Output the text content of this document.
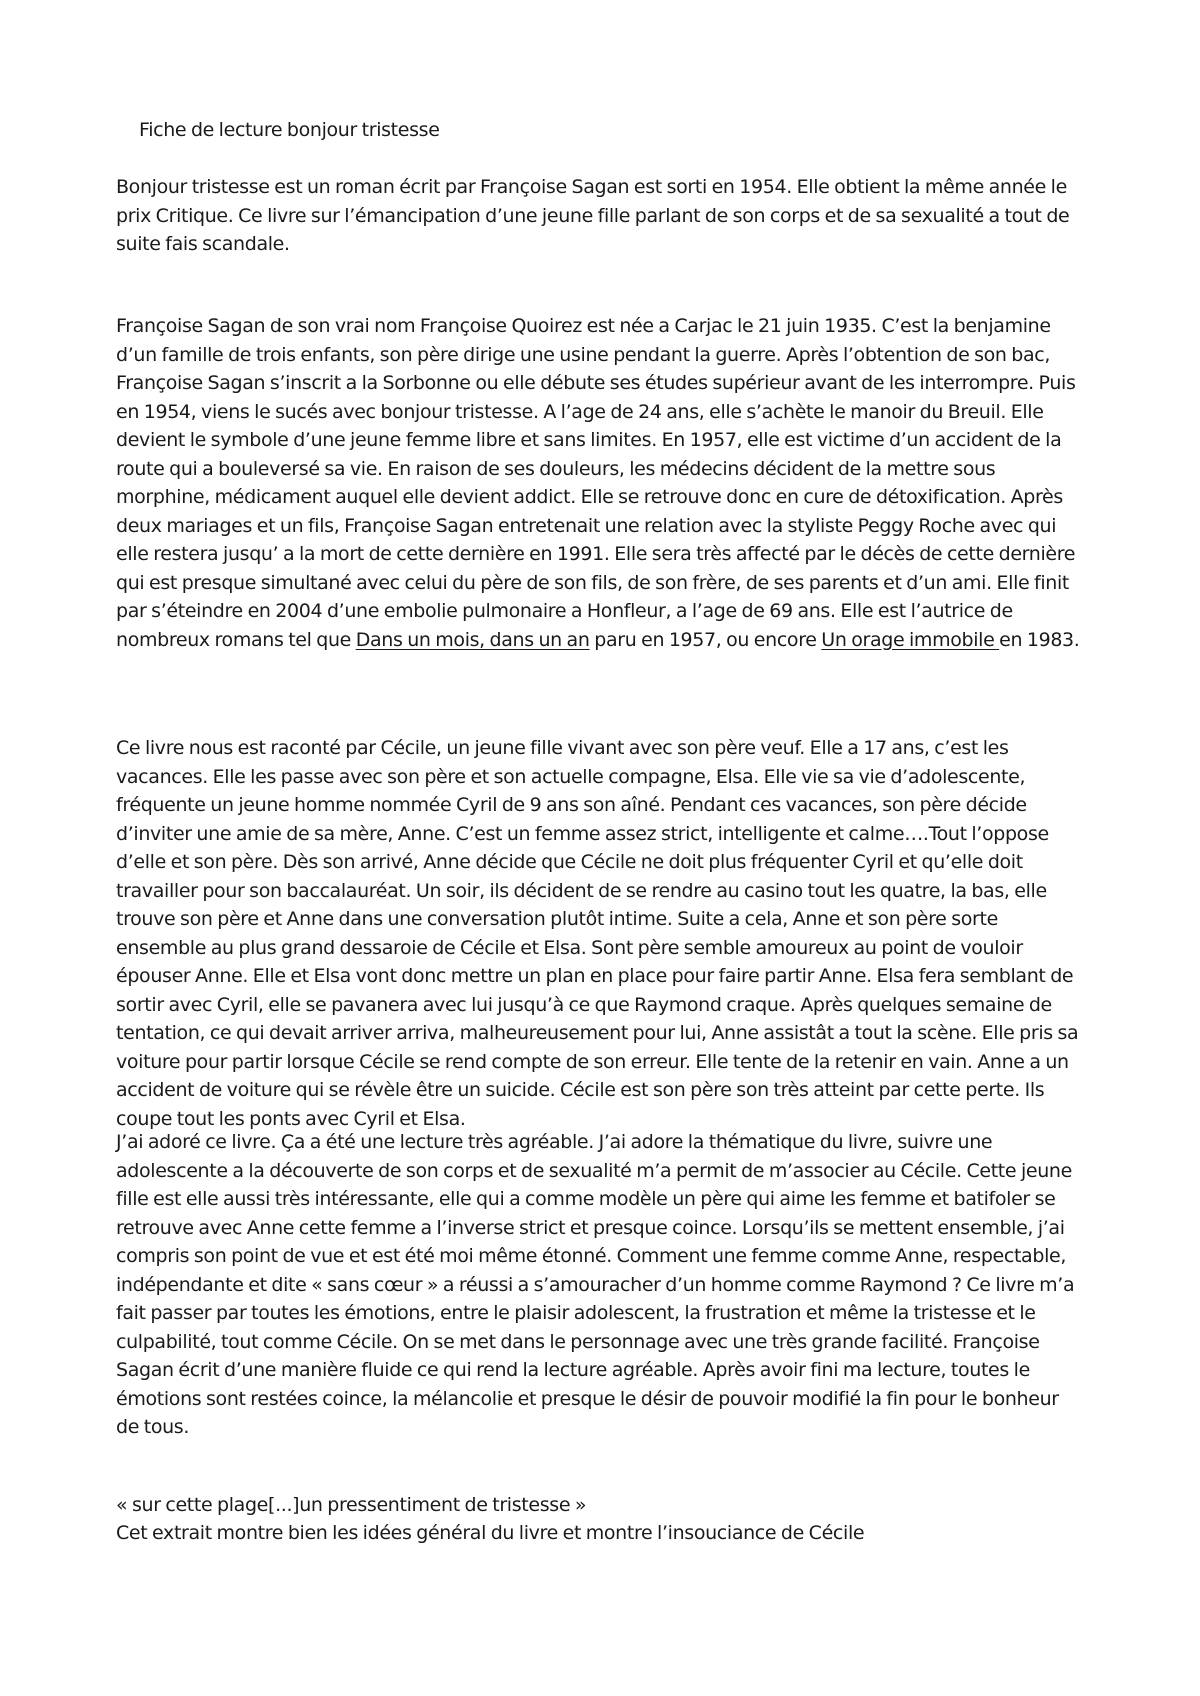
Fiche de lecture bonjour tristesse

Bonjour tristesse est un roman écrit par Françoise Sagan est sorti en 1954. Elle obtient la même année le prix Critique. Ce livre sur l’émancipation d’une jeune fille parlant de son corps et de sa sexualité a tout de suite fais scandale.

Françoise Sagan de son vrai nom Françoise Quoirez est née a Carjac le 21 juin 1935. C’est la benjamine d’un famille de trois enfants, son père dirige une usine pendant la guerre. Après l’obtention de son bac, Françoise Sagan s’inscrit a la Sorbonne ou elle débute ses études supérieur avant de les interrompre. Puis en 1954, viens le sucés avec bonjour tristesse. A l’age de 24 ans, elle s’achète le manoir du Breuil. Elle devient le symbole d’une jeune femme libre et sans limites. En 1957, elle est victime d’un accident de la route qui a bouleversé sa vie. En raison de ses douleurs, les médecins décident de la mettre sous morphine, médicament auquel elle devient addict. Elle se retrouve donc en cure de détoxification. Après deux mariages et un fils, Françoise Sagan entretenait une relation avec la styliste Peggy Roche avec qui elle restera jusqu’ a la mort de cette dernière en 1991. Elle sera très affecté par le décès de cette dernière qui est presque simultané avec celui du père de son fils, de son frère, de ses parents et d’un ami. Elle finit par s’éteindre en 2004 d’une embolie pulmonaire a Honfleur, a l’age de 69 ans. Elle est l’autrice de nombreux romans tel que Dans un mois, dans un an paru en 1957, ou encore Un orage immobile en 1983.

Ce livre nous est raconté par Cécile, un jeune fille vivant avec son père veuf. Elle a 17 ans, c’est les vacances. Elle les passe avec son père et son actuelle compagne, Elsa. Elle vie sa vie d’adolescente, fréquente un jeune homme nommée Cyril de 9 ans son aîné. Pendant ces vacances, son père décide d’inviter une amie de sa mère, Anne. C’est un femme assez strict, intelligente et calme….Tout l’oppose d’elle et son père. Dès son arrivé, Anne décide que Cécile ne doit plus fréquenter Cyril et qu’elle doit travailler pour son baccalauréat. Un soir, ils décident de se rendre au casino tout les quatre, la bas, elle trouve son père et Anne dans une conversation plutôt intime. Suite a cela, Anne et son père sorte ensemble au plus grand dessaroie de Cécile et Elsa. Sont père semble amoureux au point de vouloir épouser Anne. Elle et Elsa vont donc mettre un plan en place pour faire partir Anne. Elsa fera semblant de sortir avec Cyril, elle se pavanera avec lui jusqu’à ce que Raymond craque. Après quelques semaine de tentation, ce qui devait arriver arriva, malheureusement pour lui, Anne assistât a tout la scène. Elle pris sa voiture pour partir lorsque Cécile se rend compte de son erreur. Elle tente de la retenir en vain. Anne a un accident de voiture qui se révèle être un suicide. Cécile est son père son très atteint par cette perte. Ils coupe tout les ponts avec Cyril et Elsa.

J’ai adoré ce livre. Ça a été une lecture très agréable. J’ai adore la thématique du livre, suivre une adolescente a la découverte de son corps et de sexualité m’a permit de m’associer au Cécile. Cette jeune fille est elle aussi très intéressante, elle qui a comme modèle un père qui aime les femme et batifoler se retrouve avec Anne cette femme a l’inverse strict et presque coince. Lorsqu’ils se mettent ensemble, j’ai compris son point de vue et est été moi même étonné. Comment une femme comme Anne, respectable, indépendante et dite « sans cœur » a réussi a s’amouracher d’un homme comme Raymond ? Ce livre m’a fait passer par toutes les émotions, entre le plaisir adolescent, la frustration et même la tristesse et le culpabilité, tout comme Cécile. On se met dans le personnage avec une très grande facilité. Françoise Sagan écrit d’une manière fluide ce qui rend la lecture agréable. Après avoir fini ma lecture, toutes le émotions sont restées coince, la mélancolie et presque le désir de pouvoir modifié la fin pour le bonheur de tous.

« sur cette plage[...]un pressentiment de tristesse »

Cet extrait montre bien les idées général du livre et montre l’insouciance de Cécile
